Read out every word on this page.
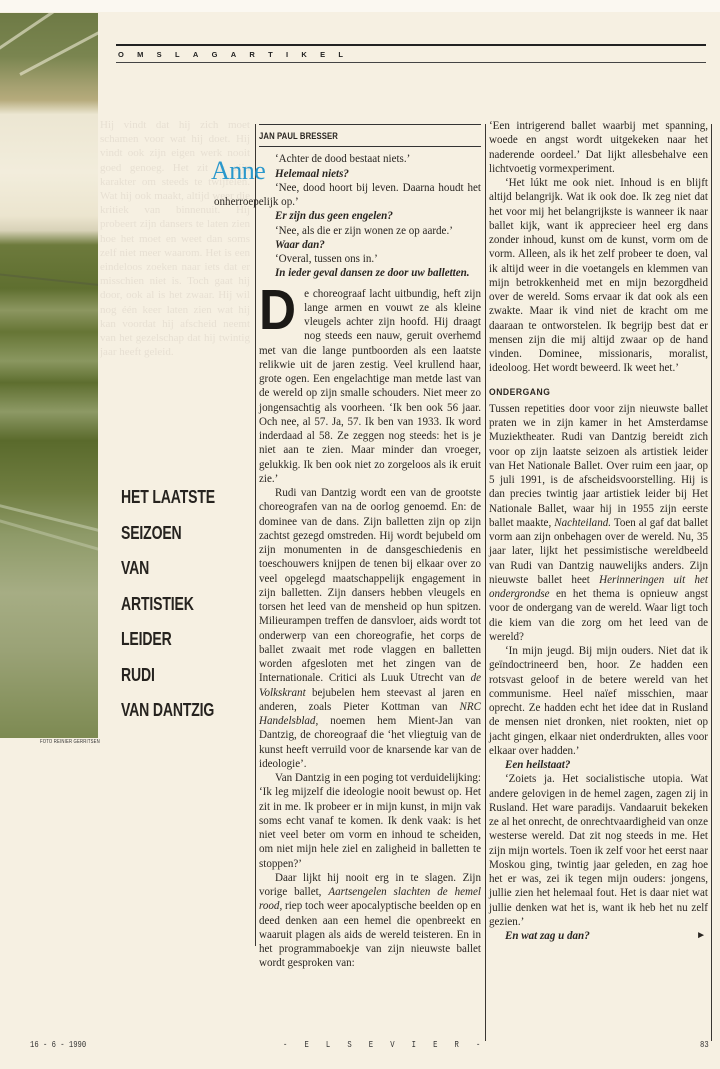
FOTO REINIER GERRITSEN
Hij vindt dat hij zich moet schamen voor wat hij doet. Hij vindt ook zijn eigen werk nooit goed genoeg. Het zit in zijn karakter om steeds te twijfelen. Wat hij ook maakt, altijd weer die kritiek van binnenuit. Hij probeert zijn dansers te laten zien hoe het moet en weet dan soms zelf niet meer waarom. Het is een eindeloos zoeken naar iets dat er misschien niet is. Toch gaat hij door, ook al is het zwaar. Hij wil nog één keer laten zien wat hij kan voordat hij afscheid neemt van het gezelschap dat hij twintig jaar heeft geleid.
OMSLAGARTIKEL
HET LAATSTE
SEIZOEN
VAN
ARTISTIEK
LEIDER
RUDI
VAN DANTZIG
JAN PAUL BRESSER

‘Achter de dood bestaat niets.’

Helemaal niets?

‘Nee, dood hoort bij leven. Daarna houdt het onherroepelijk op.’

Er zijn dus geen engelen?

‘Nee, als die er zijn wonen ze op aarde.’

Waar dan?

‘Overal, tussen ons in.’

In ieder geval dansen ze door uw balletten.

De choreograaf lacht uitbundig, heft zijn lange armen en vouwt ze als kleine vleugels achter zijn hoofd. Hij draagt nog steeds een nauw, geruit overhemd met van die lange puntboorden als een laatste relikwie uit de jaren zestig. Veel krullend haar, grote ogen. Een engelachtige man metde last van de wereld op zijn smalle schouders. Niet meer zo jongensachtig als voorheen. ‘Ik ben ook 56 jaar. Och nee, al 57. Ja, 57. Ik ben van 1933. Ik word inderdaad al 58. Ze zeggen nog steeds: het is je niet aan te zien. Maar minder dan vroeger, gelukkig. Ik ben ook niet zo zorgeloos als ik eruit zie.’

Rudi van Dantzig wordt een van de grootste choreografen van na de oorlog genoemd. En: de dominee van de dans. Zijn balletten zijn op zijn zachtst gezegd omstreden. Hij wordt bejubeld om zijn monumenten in de dansgeschiedenis en toeschouwers knijpen de tenen bij elkaar over zo veel opgelegd maatschappelijk engagement in zijn balletten. Zijn dansers hebben vleugels en torsen het leed van de mensheid op hun spitzen. Milieurampen treffen de dansvloer, aids wordt tot onderwerp van een choreografie, het corps de ballet zwaait met rode vlaggen en balletten worden afgesloten met het zingen van de Internationale. Critici als Luuk Utrecht van de Volkskrant bejubelen hem steevast al jaren en anderen, zoals Pieter Kottman van NRC Handelsblad, noemen hem Mient-Jan van Dantzig, de choreograaf die ‘het vliegtuig van de kunst heeft verruild voor de knarsende kar van de ideologie’.

Van Dantzig in een poging tot verduidelijking: ‘Ik leg mijzelf die ideologie nooit bewust op. Het zit in me. Ik probeer er in mijn kunst, in mijn vak soms echt vanaf te komen. Ik denk vaak: is het niet veel beter om vorm en inhoud te scheiden, om niet mijn hele ziel en zaligheid in balletten te stoppen?’

Daar lijkt hij nooit erg in te slagen. Zijn vorige ballet, Aartsengelen slachten de hemel rood, riep toch weer apocalyptische beelden op en deed denken aan een hemel die openbreekt en waaruit plagen als aids de wereld teisteren. En in het programmaboekje van zijn nieuwste ballet wordt gesproken van:

Anne

‘Een intrigerend ballet waarbij met spanning, woede en angst wordt uitgekeken naar het naderende oordeel.’ Dat lijkt allesbehalve een lichtvoetig vormexperiment.

‘Het lúkt me ook niet. Inhoud is en blijft altijd belangrijk. Wat ik ook doe. Ik zeg niet dat het voor mij het belangrijkste is wanneer ik naar ballet kijk, want ik apprecieer heel erg dans zonder inhoud, kunst om de kunst, vorm om de vorm. Alleen, als ik het zelf probeer te doen, val ik altijd weer in die voetangels en klemmen van mijn betrokkenheid met en mijn bezorgdheid over de wereld. Soms ervaar ik dat ook als een zwakte. Maar ik vind niet de kracht om me daaraan te ontworstelen. Ik begrijp best dat er mensen zijn die mij altijd zwaar op de hand vinden. Dominee, missionaris, moralist, ideoloog. Het wordt beweerd. Ik weet het.’

ONDERGANG

Tussen repetities door voor zijn nieuwste ballet praten we in zijn kamer in het Amsterdamse Muziektheater. Rudi van Dantzig bereidt zich voor op zijn laatste seizoen als artistiek leider van Het Nationale Ballet. Over ruim een jaar, op 5 juli 1991, is de afscheidsvoorstelling. Hij is dan precies twintig jaar artistiek leider bij Het Nationale Ballet, waar hij in 1955 zijn eerste ballet maakte, Nachteiland. Toen al gaf dat ballet vorm aan zijn onbehagen over de wereld. Nu, 35 jaar later, lijkt het pessimistische wereldbeeld van Rudi van Dantzig nauwelijks anders. Zijn nieuwste ballet heet Herinneringen uit het ondergrondse en het thema is opnieuw angst voor de ondergang van de wereld. Waar ligt toch die kiem van die zorg om het leed van de wereld?

‘In mijn jeugd. Bij mijn ouders. Niet dat ik geïndoctrineerd ben, hoor. Ze hadden een rotsvast geloof in de betere wereld van het communisme. Heel naïef misschien, maar oprecht. Ze hadden echt het idee dat in Rusland de mensen niet dronken, niet rookten, niet op jacht gingen, elkaar niet onderdrukten, alles voor elkaar over hadden.’

Een heilstaat?

‘Zoiets ja. Het socialistische utopia. Wat andere gelovigen in de hemel zagen, zagen zij in Rusland. Het ware paradijs. Vandaaruit bekeken ze al het onrecht, de onrechtvaardigheid van onze westerse wereld. Dat zit nog steeds in me. Het zijn mijn wortels. Toen ik zelf voor het eerst naar Moskou ging, twintig jaar geleden, en zag hoe het er was, zei ik tegen mijn ouders: jongens, jullie zien het helemaal fout. Het is daar niet wat jullie denken wat het is, want ik heb het nu zelf gezien.’

En wat zag u dan?	►

16 - 6 - 1990	- E L S E V I E R -	83
